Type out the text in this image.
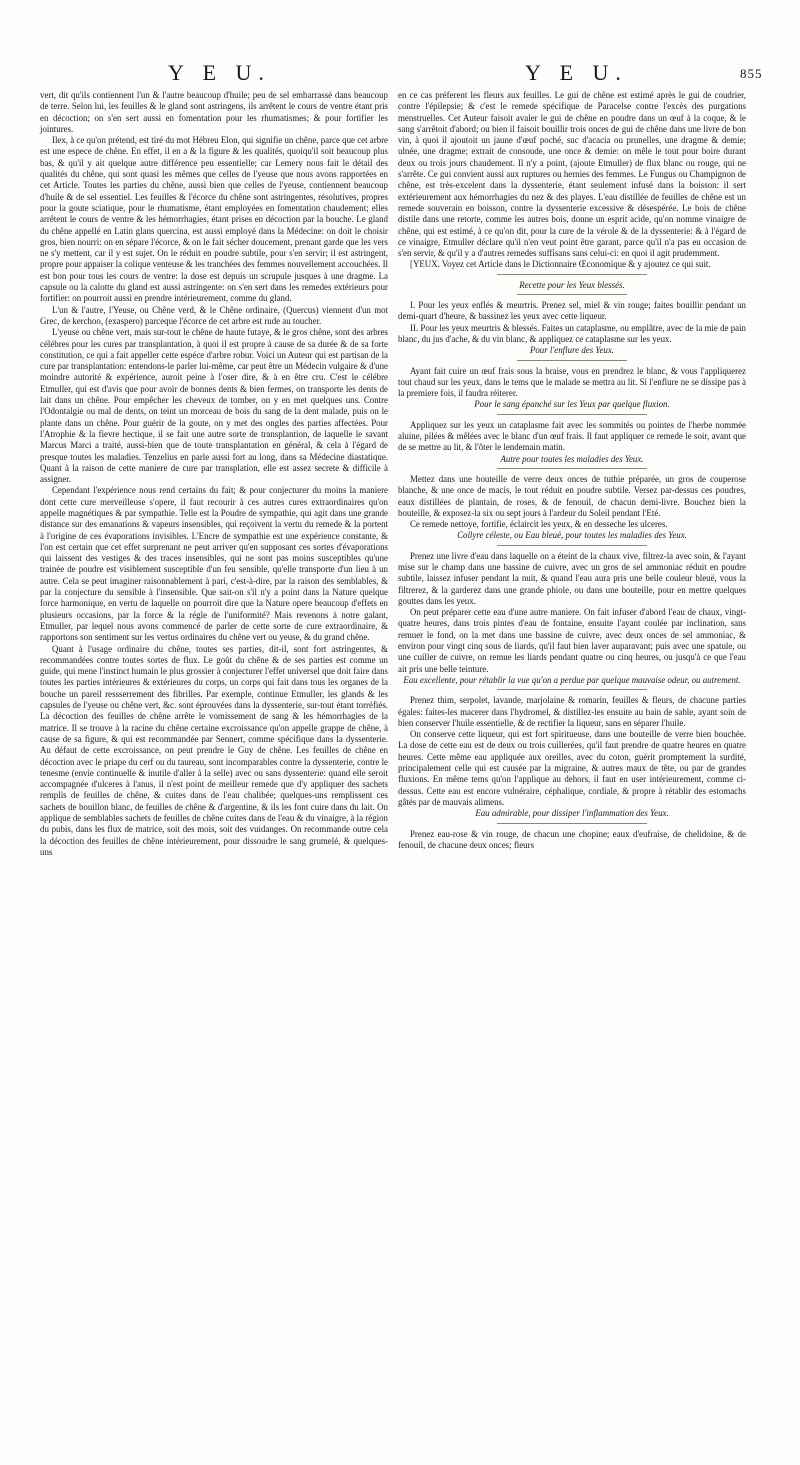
Y E U.	Y E U.	855

vert, dit qu'ils contiennent l'un & l'autre beaucoup d'huile; peu de sel embarrassé dans beaucoup de terre. Selon lui, les feuilles & le gland sont astringens, ils arrêtent le cours de ventre étant pris en décoction; on s'en sert aussi en fomentation pour les rhumatismes; & pour fortifier les jointures.

Ilex, à ce qu'on prétend, est tiré du mot Hébreu Elon, qui signifie un chêne, parce que cet arbre est une espece de chêne. En effet, il en a & la figure & les qualités, quoiqu'il soit beaucoup plus bas, & qu'il y ait quelque autre différence peu essentielle; car Lemery nous fait le détail des qualités du chêne, qui sont quasi les mêmes que celles de l'yeuse que nous avons rapportées en cet Article. Toutes les parties du chêne, aussi bien que celles de l'yeuse, contiennent beaucoup d'huile & de sel essentiel. Les feuilles & l'écorce du chêne sont astringentes, résolutives, propres pour la goute sciatique, pour le rhumatisme, étant employées en fomentation chaudement; elles arrêtent le cours de ventre & les hémorrhagies, étant prises en décoction par la bouche. Le gland du chêne appellé en Latin glans quercina, est aussi employé dans la Médecine: on doit le choisir gros, bien nourri: on en sépare l'écorce, & on le fait sécher doucement, prenant garde que les vers ne s'y mettent, car il y est sujet. On le réduit en poudre subtile, pour s'en servir; il est astringent, propre pour appaiser la colique venteuse & les tranchées des femmes nouvellement accouchées. Il est bon pour tous les cours de ventre: la dose est depuis un scrupule jusques à une dragme. La capsule ou la calotte du gland est aussi astringente: on s'en sert dans les remedes extérieurs pour fortifier: on pourroit aussi en prendre intérieurement, comme du gland.

L'un & l'autre, l'Yeuse, ou Chêne verd, & le Chêne ordinaire, (Quercus) viennent d'un mot Grec, de kerchoo, (exaspero) parceque l'écorce de cet arbre est rude au toucher.

L'yeuse ou chêne vert, mais sur-tout le chêne de haute futaye, & le gros chêne, sont des arbres célébres pour les cures par transplantation, à quoi il est propre à cause de sa durée & de sa forte constitution, ce qui a fait appeller cette espéce d'arbre robur. Voici un Auteur qui est partisan de la cure par transplantation: entendons-le parler lui-même, car peut être un Médecin vulgaire & d'une moindre autorité & expérience, auroit peine à l'oser dire, & à en être cru. C'est le célébre Etmuller, qui est d'avis que pour avoir de bonnes dents & bien fermes, on transporte les dents de lait dans un chêne. Pour empêcher les cheveux de tomber, on y en met quelques uns. Contre l'Odontalgie ou mal de dents, on teint un morceau de bois du sang de la dent malade, puis on le plante dans un chêne. Pour guérir de la goute, on y met des ongles des parties affectées. Pour l'Atrophie & la fievre hectique, il se fait une autre sorte de transplantion, de laquelle le savant Marcus Marci a traité, aussi-bien que de toute transplantation en général, & cela à l'égard de presque toutes les maladies. Tenzelius en parle aussi fort au long, dans sa Médecine diastatique. Quant à la raison de cette maniere de cure par transplation, elle est assez secrete & difficile à assigner.

Cependant l'expérience nous rend certains du fait; & pour conjecturer du moins la maniere dont cette cure merveilleuse s'opere, il faut recourir à ces autres cures extraordinaires qu'on appelle magnétiques & par sympathie. Telle est la Poudre de sympathie, qui agit dans une grande distance sur des emanations & vapeurs insensibles, qui reçoivent la vertu du remede & la portent à l'origine de ces évaporations invisibles. L'Encre de sympathie est une expérience constante, & l'on est certain que cet effet surprenant ne peut arriver qu'en supposant ces sortes d'évaporations qui laissent des vestiges & des traces insensibles, qui ne sont pas moins susceptibles qu'une trainée de poudre est visiblement susceptible d'un feu sensible, qu'elle transporte d'un lieu à un autre. Cela se peut imaginer raisonnablement à pari, c'est-à-dire, par la raison des semblables, & par la conjecture du sensible à l'insensible. Que sait-on s'il n'y a point dans la Nature quelque force harmonique, en vertu de laquelle on pourroit dire que la Nature opere beaucoup d'effets en plusieurs occasions, par la force & la régle de l'uniformité? Mais revenons à notre galant, Etmuller, par lequel nous avons commencé de parler de cette sorte de cure extraordinaire, & rapportons son sentiment sur les vertus ordinaires du chêne vert ou yeuse, & du grand chêne.

Quant à l'usage ordinaire du chêne, toutes ses parties, dit-il, sont fort astringentes, & recommandées contre toutes sortes de flux. Le goût du chêne & de ses parties est comme un guide, qui mene l'instinct humain le plus grossier à conjecturer l'effet universel que doit faire dans toutes les parties intérieures & extérieures du corps, un corps qui fait dans tous les organes de la bouche un pareil ressserrement des fibrilles. Par exemple, continue Etmuller, les glands & les capsules de l'yeuse ou chêne vert, &c. sont éprouvées dans la dyssenterie, sur-tout étant torréfiés. La décoction des feuilles de chêne arrête le vomissement de sang & les hémorrhagies de la matrice. Il se trouve à la racine du chêne certaine excroissance qu'on appelle grappe de chêne, à cause de sa figure, & qui est recommandée par Sennert, comme spécifique dans la dyssenterie. Au défaut de cette excroissance, on peut prendre le Guy de chêne. Les feuilles de chêne en décoction avec le priape du cerf ou du taureau, sont incomparables contre la dyssenterie, contre le tenesme (envie continuelle & inutile d'aller à la selle) avec ou sans dyssenterie: quand elle seroit accompagnée d'ulceres à l'anus, il n'est point de meilleur remede que d'y appliquer des sachets remplis de feuilles de chêne, & cuites dans de l'eau chalibée; quelques-uns remplissent ces sachets de bouillon blanc, de feuilles de chêne & d'argentine, & ils les font cuire dans du lait. On applique de semblables sachets de feuilles de chêne cuites dans de l'eau & du vinaigre, à la région du pubis, dans les flux de matrice, soit des mois, soit des vuidanges. On recommande outre cela la décoction des feuilles de chêne intérieurement, pour dissoudre le sang grumelé, & quelques-uns

en ce cas préferent les fleurs aux feuilles. Le gui de chêne est estimé après le gui de coudrier, contre l'épilepsie; & c'est le remede spécifique de Paracelse contre l'excès des purgations menstruelles. Cet Auteur faisoit avaler le gui de chêne en poudre dans un œuf à la coque, & le sang s'arrêtoit d'abord; ou bien il faisoit bouillir trois onces de gui de chêne dans une livre de bon vin, à quoi il ajoutoit un jaune d'œuf poché, suc d'acacia ou prunelles, une dragme & demie; ulnée, une dragme; extrait de consoude, une once & demie: on mêle le tout pour boire durant deux ou trois jours chaudement. Il n'y a point, (ajoute Etmuller) de flux blanc ou rouge, qui ne s'arrête. Ce gui convient aussi aux ruptures ou hernies des femmes. Le Fungus ou Champignon de chêne, est très-excelent dans la dyssenterie, étant seulement infusé dans la boisson: il sert extérieurement aux hémorrhagies du nez & des playes. L'eau distillée de feuilles de chêne est un remede souverain en boisson, contre la dyssenterie excessive & désespérée. Le bois de chêne distile dans une retorte, comme les autres bois, donne un esprit acide, qu'on nomme vinaigre de chêne, qui est estimé, à ce qu'on dit, pour la cure de la vérole & de la dyssenterie: & à l'égard de ce vinaigre, Etmuller déclare qu'il n'en veut point être garant, parce qu'il n'a pas eu occasion de s'en servir, & qu'il y a d'autres remedes suffisans sans celui-ci: en quoi il agit prudemment.

[YEUX. Voyez cet Article dans le Dictionnaire Œconomique & y ajoutez ce qui suit.

Recette pour les Yeux blessés.

I. Pour les yeux enflés & meurtris. Prenez sel, miel & vin rouge; faites bouillir pendant un demi-quart d'heure, & bassinez les yeux avec cette liqueur.

II. Pour les yeux meurtris & blessés. Faites un cataplasme, ou emplâtre, avec de la mie de pain blanc, du jus d'ache, & du vin blanc, & appliquez ce cataplasme sur les yeux.

Pour l'enflure des Yeux.

Ayant fait cuire un œuf frais sous la braise, vous en prendrez le blanc, & vous l'appliquerez tout chaud sur les yeux, dans le tems que le malade se mettra au lit. Si l'enflure ne se dissipe pas à la premiere fois, il faudra réiterer.

Pour le sang épanché sur les Yeux par quelque fluxion.

Appliquez sur les yeux un cataplasme fait avec les sommités ou pointes de l'herbe nommée aluine, pilées & mêlées avec le blanc d'un œuf frais. Il faut appliquer ce remede le soir, avant que de se mettre au lit, & l'ôter le lendemain matin.

Autre pour toutes les maladies des Yeux.

Mettez dans une bouteille de verre deux onces de tuthie préparée, un gros de couperose blanche, & une once de macis, le tout réduit en poudre subtile. Versez par-dessus ces poudres, eaux distillées de plantain, de roses, & de fenouil, de chacun demi-livre. Bouchez bien la bouteille, & exposez-la six ou sept jours à l'ardeur du Soleil pendant l'Eté.

Ce remede nettoye, fortifie, éclaircit les yeux, & en desseche les ulceres.

Collyre céleste, ou Eau bleuë, pour toutes les maladies des Yeux.

Prenez une livre d'eau dans laquelle on a éteint de la chaux vive, filtrez-la avec soin, & l'ayant mise sur le champ dans une bassine de cuivre, avec un gros de sel ammoniac réduit en poudre subtile, laissez infuser pendant la nuit, & quand l'eau aura pris une belle couleur bleuë, vous la filtrerez, & la garderez dans une grande phiole, ou dans une bouteille, pour en mettre quelques gouttes dans les yeux.

On peut préparer cette eau d'une autre maniere. On fait infuser d'abord l'eau de chaux, vingt-quatre heures, dans trois pintes d'eau de fontaine, ensuite l'ayant coulée par inclination, sans remuer le fond, on la met dans une bassine de cuivre, avec deux onces de sel ammoniac, & environ pour vingt cinq sous de liards, qu'il faut bien laver auparavant; puis avec une spatule, ou une cuiller de cuivre, on remue les liards pendant quatre ou cinq heures, ou jusqu'à ce que l'eau ait pris une belle teinture.

Eau excellente, pour rétablir la vue qu'on a perdue par quelque mauvaise odeur, ou autrement.

Prenez thim, serpolet, lavande, marjolaine & romarin, feuilles & fleurs, de chacune parties égales: faites-les macerer dans l'hydromel, & distillez-les ensuite au bain de sable, ayant soin de bien conserver l'huile essentielle, & de rectifier la liqueur, sans en séparer l'huile.

On conserve cette liqueur, qui est fort spiritueuse, dans une bouteille de verre bien bouchée. La dose de cette eau est de deux ou trois cuillerées, qu'il faut prendre de quatre heures en quatre heures. Cette même eau appliquée aux oreilles, avec du coton, guérit promptement la surdité, principalement celle qui est causée par la migraine, & autres maux de tête, ou par de grandes fluxions. En même tems qu'on l'applique au dehors, il faut en user intérieurement, comme ci-dessus. Cette eau est encore vulnéraire, céphalique, cordiale, & propre à rétablir des estomachs gâtés par de mauvais alimens.

Eau admirable, pour dissiper l'inflammation des Yeux.

Prenez eau-rose & vin rouge, de chacun une chopine; eaux d'eufraise, de chelidoine, & de fenouil, de chacune deux onces; fleurs
